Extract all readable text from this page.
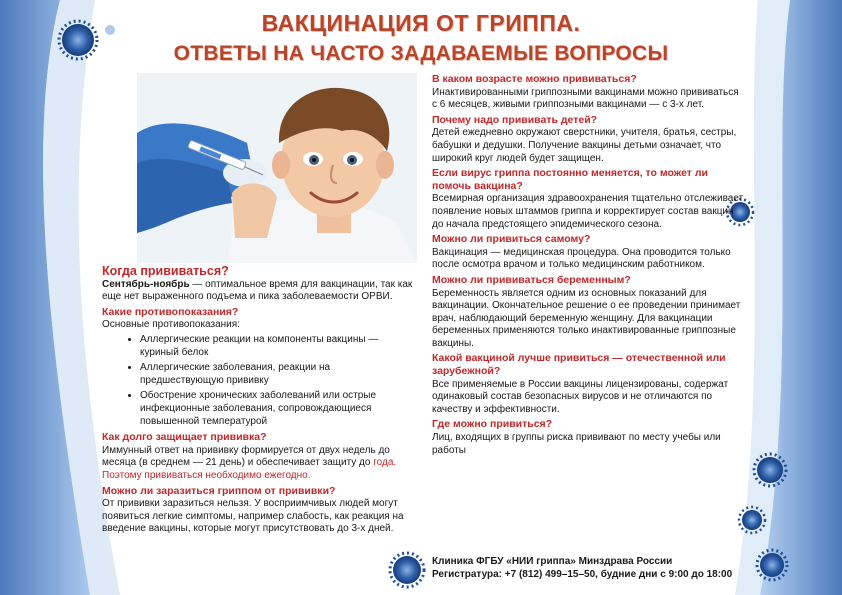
ВАКЦИНАЦИЯ ОТ ГРИППА.
ОТВЕТЫ НА ЧАСТО ЗАДАВАЕМЫЕ ВОПРОСЫ
Когда прививаться?

Сентябрь-ноябрь — оптимальное время для вакцинации, так как еще нет выраженного подъема и пика заболеваемости ОРВИ.

Какие противопоказания?

Основные противопоказания:

• Аллергические реакции на компоненты вакцины — куриный белок
• Аллергические заболевания, реакции на предшествующую прививку
• Обострение хронических заболеваний или острые инфекционные заболевания, сопровождающиеся повышенной температурой
Как долго защищает прививка?

Иммунный ответ на прививку формируется от двух недель до месяца (в среднем — 21 день) и обеспечивает защиту до года. Поэтому прививаться необходимо ежегодно.

Можно ли заразиться гриппом от прививки?

От прививки заразиться нельзя. У восприимчивых людей могут появиться легкие симптомы, например слабость, как реакция на введение вакцины, которые могут присутствовать до 3-х дней.

В каком возрасте можно прививаться?

Инактивированными гриппозными вакцинами можно прививаться с 6 месяцев, живыми гриппозными вакцинами — с 3-х лет.

Почему надо прививать детей?

Детей ежедневно окружают сверстники, учителя, братья, сестры, бабушки и дедушки. Получение вакцины детьми означает, что широкий круг людей будет защищен.

Если вирус гриппа постоянно меняется, то может ли помочь вакцина?

Всемирная организация здравоохранения тщательно отслеживает появление новых штаммов гриппа и корректирует состав вакцин до начала предстоящего эпидемического сезона.

Можно ли привиться самому?

Вакцинация — медицинская процедура. Она проводится только после осмотра врачом и только медицинским работником.

Можно ли прививаться беременным?

Беременность является одним из основных показаний для вакцинации. Окончательное решение о ее проведении принимает врач, наблюдающий беременную женщину. Для вакцинации беременных применяются только инактивированные гриппозные вакцины.

Какой вакциной лучше привиться — отечественной или зарубежной?

Все применяемые в России вакцины лицензированы, содержат одинаковый состав безопасных вирусов и не отличаются по качеству и эффективности.

Где можно привиться?

Лиц, входящих в группы риска прививают по месту учебы или работы

Клиника ФГБУ «НИИ гриппа» Минздрава России
Регистратура: +7 (812) 499–15–50, будние дни с 9:00 до 18:00
